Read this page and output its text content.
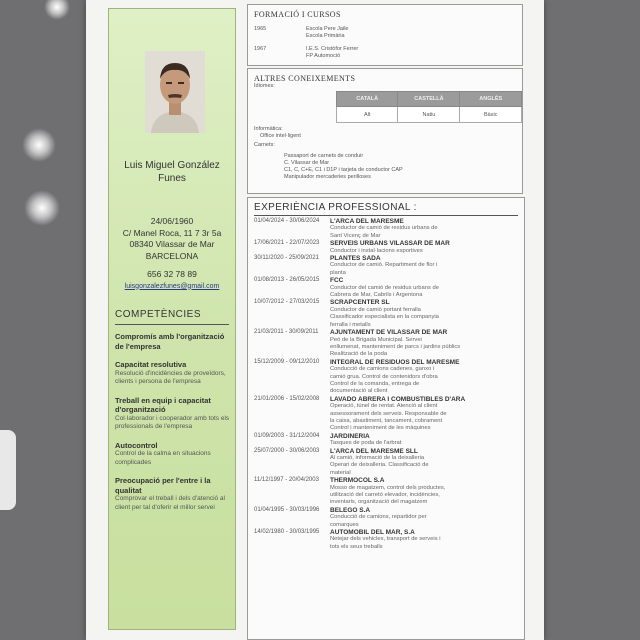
Luis Miguel González Funes
24/06/1960
C/ Manel Roca, 11 7 3r 5a
08340 Vilassar de Mar
BARCELONA
656 32 78 89
luisgonzalezfunes@gmail.com
COMPETÈNCIES
Compromís amb l'organització de l'empresa
Capacitat resolutiva
Resolució d'incidències de proveïdors, clients i persona de l'empresa
Treball en equip i capacitat d'organització
Col·laborador i cooperador amb tots els professionals de l'empresa
Autocontrol
Control de la calma en situacions complicades
Preocupació per l'entre i la qualitat
Comprovar el treball i dels d'atenció al client per tal d'oferir el millor servei
FORMACIÓ I CURSOS
1965	Escola Pere Jaile
Escola Primària
1967	I.E.S. Cristòfor Ferrer
FP Automoció
ALTRES CONEIXEMENTS
Idiomes:
CATALÀ	CASTELLÀ	ANGLÈS
Alt	Natiu	Bàsic
Informàtica:
Office intel·ligent
Carnets:
Passaport de carnets de conduir
C. Vilassar de Mar
C1, C, C+E, C1 i D1P i tarjeta de conductor CAP
Manipulador mercaderies perilloses
EXPERIÈNCIA PROFESSIONAL :
01/04/2024 - 30/06/2024	L'ARCA DEL MARESME
Conductor de camió de residus urbans de
Sant Vicenç de Mar
17/06/2021 - 22/07/2023	SERVEIS URBANS VILASSAR DE MAR
Conductor i instal·lacions esportives
30/11/2020 - 25/09/2021	PLANTES SADA
Conductor de camió. Repartiment de flor i
planta
01/08/2013 - 26/05/2015	FCC
Conductor del camió de residus urbans de
Cabrera de Mar, Cabrils i Argentona
10/07/2012 - 27/03/2015	SCRAPCENTER SL
Conductor de camió portant ferralla
Classificador especialista en la companyia
ferralla i metalls
21/03/2011 - 30/09/2011	AJUNTAMENT DE VILASSAR DE MAR
Peó de la Brigada Municipal. Servei
enllumenat, manteniment de parcs i jardins públics
Realització de la poda
15/12/2009 - 09/12/2010	INTEGRAL DE RESIDUOS DEL MARESME
Conducció de camions cadenes, ganxo i
camió grua. Control de contenidors d'obra
Control de la comanda, entrega de
documentació al client
21/01/2006 - 15/02/2008	LAVADO ABRERA I COMBUSTIBLES D'ARA
Operació, túnel de rentat. Atenció al client
assessorament dels serveis. Responsable de
la caixa, abastiment, tancament, cobrament
Control i manteniment de les màquines
01/09/2003 - 31/12/2004	JARDINERIA
Tasques de poda de l'arbrat
25/07/2000 - 30/06/2003	L'ARCA DEL MARESME SLL
Al camió, informació de la deixalleria
Operari de deixalleria. Classificació de
material
11/12/1997 - 20/04/2003	THERMOCOL S.A
Mosso de magatzem, control dels productes,
utilització del carretó elevador, incidències,
inventaris, organització del magatzem
01/04/1995 - 30/03/1996	BELEGO S.A
Conducció de camions, repartidor per
comarques
14/02/1980 - 30/03/1995	AUTOMOBIL DEL MAR, S.A
Netejar dels vehicles, transport de serveis i
tots els seus treballs
